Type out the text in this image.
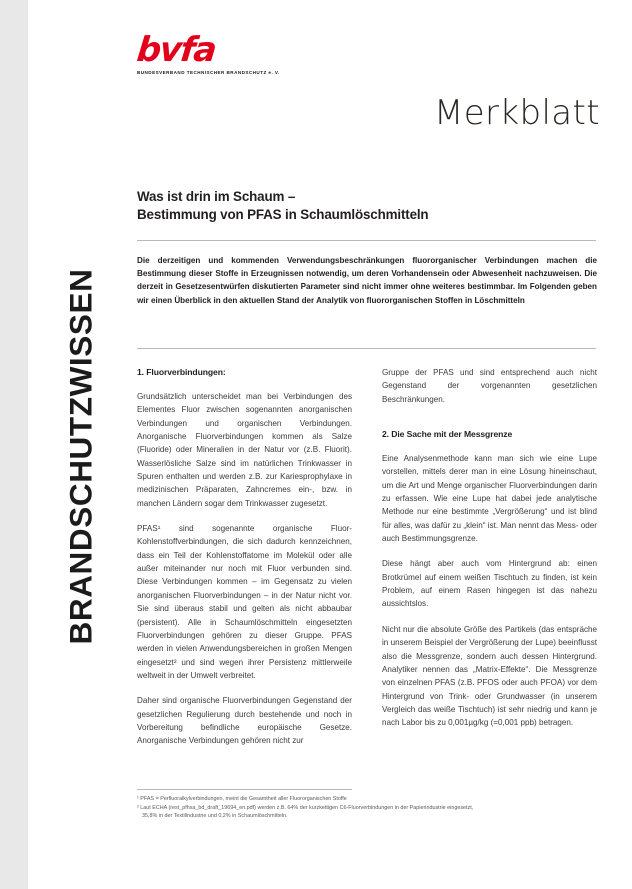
BRANDSCHUTZWISSEN
bvfa
BUNDESVERBAND TECHNISCHER BRANDSCHUTZ e. V.
Merkblatt
Was ist drin im Schaum –
Bestimmung von PFAS in Schaumlöschmitteln
Die derzeitigen und kommenden Verwendungsbeschränkungen fluororganischer Verbindungen machen die Bestimmung dieser Stoffe in Erzeugnissen notwendig, um deren Vorhandensein oder Abwesenheit nachzuweisen. Die derzeit in Gesetzesentwürfen diskutierten Parameter sind nicht immer ohne weiteres bestimmbar. Im Folgenden geben wir einen Überblick in den aktuellen Stand der Analytik von fluororganischen Stoffen in Löschmitteln
1. Fluorverbindungen:

Grundsätzlich unterscheidet man bei Verbindungen des Elementes Fluor zwischen sogenannten anorganischen Verbindungen und organischen Verbindungen. Anorganische Fluorverbindungen kommen als Salze (Fluoride) oder Mineralien in der Natur vor (z.B. Fluorit). Wasserlösliche Salze sind im natürlichen Trinkwasser in Spuren enthalten und werden z.B. zur Kariesprophylaxe in medizinischen Präparaten, Zahncremes ein-, bzw. in manchen Ländern sogar dem Trinkwasser zugesetzt.

PFAS¹ sind sogenannte organische Fluor-Kohlenstoffverbindungen, die sich dadurch kennzeichnen, dass ein Teil der Kohlenstoffatome im Molekül oder alle außer miteinander nur noch mit Fluor verbunden sind. Diese Verbindungen kommen – im Gegensatz zu vielen anorganischen Fluorverbindungen – in der Natur nicht vor. Sie sind überaus stabil und gelten als nicht abbaubar (persistent). Alle in Schaumlöschmitteln eingesetzten Fluorverbindungen gehören zu dieser Gruppe. PFAS werden in vielen Anwendungsbereichen in großen Mengen eingesetzt² und sind wegen ihrer Persistenz mittlerweile weltweit in der Umwelt verbreitet.

Daher sind organische Fluorverbindungen Gegenstand der gesetzlichen Regulierung durch bestehende und noch in Vorbereitung befindliche europäische Gesetze. Anorganische Verbindungen gehören nicht zur

Gruppe der PFAS und sind entsprechend auch nicht Gegenstand der vorgenannten gesetzlichen Beschränkungen.

2. Die Sache mit der Messgrenze

Eine Analysenmethode kann man sich wie eine Lupe vorstellen, mittels derer man in eine Lösung hineinschaut, um die Art und Menge organischer Fluorverbindungen darin zu erfassen. Wie eine Lupe hat dabei jede analytische Methode nur eine bestimmte „Vergrößerung“ und ist blind für alles, was dafür zu „klein“ ist. Man nennt das Mess- oder auch Bestimmungsgrenze.

Diese hängt aber auch vom Hintergrund ab: einen Brotkrümel auf einem weißen Tischtuch zu finden, ist kein Problem, auf einem Rasen hingegen ist das nahezu aussichtslos.

Nicht nur die absolute Größe des Partikels (das entspräche in unserem Beispiel der Vergrößerung der Lupe) beeinflusst also die Messgrenze, sondern auch dessen Hintergrund. Analytiker nennen das „Matrix-Effekte“. Die Messgrenze von einzelnen PFAS (z.B. PFOS oder auch PFOA) vor dem Hintergrund von Trink- oder Grundwasser (in unserem Vergleich das weiße Tischtuch) ist sehr niedrig und kann je nach Labor bis zu 0,001µg/kg (=0,001 ppb) betragen.

¹ PFAS = Perfluoralkylverbindungen, meint die Gesamtheit aller Fluororganischen Stoffe
² Laut ECHA (rest_pfhxa_bd_draft_19694_en.pdf) werden z.B. 64% der kurzkettigen C6-Fluorverbindungen in der Papierindustrie eingesetzt,
35,8% in der Textilindustrie und 0,2% in Schaumlöschmitteln.
